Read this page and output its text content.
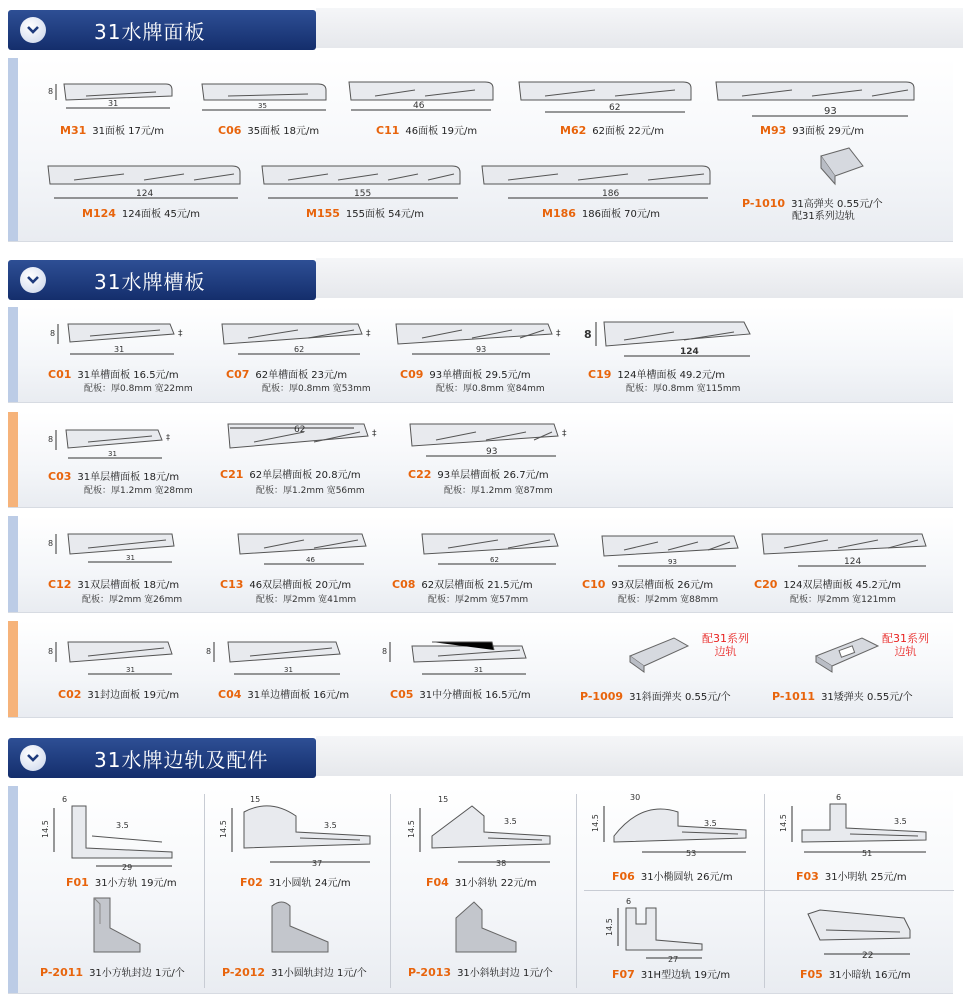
31水牌面板
8
31
M31 31面板 17元/m
35
C06 35面板 18元/m
46
C11 46面板 19元/m
62
M62 62面板 22元/m
93
M93 93面板 29元/m
124
M124 124面板 45元/m
155
M155 155面板 54元/m
186
M186 186面板 70元/m
P-1010 31高弹夹 0.55元/个
配31系列边轨
31水牌槽板
8	‡
31
C01 31单槽面板 16.5元/m
配板：厚0.8mm 宽22mm
‡
62
C07 62单槽面板 23元/m
配板：厚0.8mm 宽53mm
‡
93
C09 93单槽面板 29.5元/m
配板：厚0.8mm 宽84mm
8
124
C19 124单槽面板 49.2元/m
配板：厚0.8mm 宽115mm
8	‡
31
C03 31单层槽面板 18元/m
配板：厚1.2mm 宽28mm
‡
62
C21 62单层槽面板 20.8元/m
配板：厚1.2mm 宽56mm
‡
93
C22 93单层槽面板 26.7元/m
配板：厚1.2mm 宽87mm
8
31
C12 31双层槽面板 18元/m
配板：厚2mm 宽26mm
46
C13 46双层槽面板 20元/m
配板：厚2mm 宽41mm
62
C08 62双层槽面板 21.5元/m
配板：厚2mm 宽57mm
93
C10 93双层槽面板 26元/m
配板：厚2mm 宽88mm
124
C20 124双层槽面板 45.2元/m
配板：厚2mm 宽121mm
8
31
C02 31封边面板 19元/m
8
31
C04 31单边槽面板 16元/m
8
31
C05 31中分槽面板 16.5元/m
配31系列
边轨
P-1009 31斜面弹夹 0.55元/个
配31系列
边轨
P-1011 31矮弹夹 0.55元/个
31水牌边轨及配件
6
14.5	3.5
29
F01 31小方轨 19元/m
15
14.5	3.5
37
F02 31小圆轨 24元/m
15
14.5	3.5
38
F04 31小斜轨 22元/m
30
14.5	3.5
53
F06 31小椭圆轨 26元/m
6
14.5	3.5
51
F03 31小明轨 25元/m
P-2011 31小方轨封边 1元/个	P-2012 31小圆轨封边 1元/个	P-2013 31小斜轨封边 1元/个
6
14.5
27
F07 31H型边轨 19元/m
22
F05 31小暗轨 16元/m
